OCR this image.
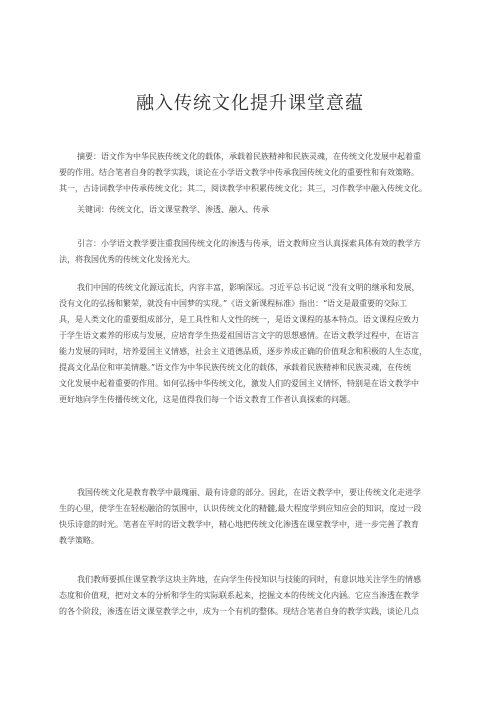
融入传统文化提升课堂意蕴
摘要：语文作为中华民族传统文化的载体，承载着民族精神和民族灵魂，在传统文化发展中起着重
要的作用。结合笔者自身的教学实践，谈论在小学语文教学中传承我国传统文化的重要性和有效策略。
其一，古诗词教学中传承传统文化；其二，阅读教学中积累传统文化；其三，习作教学中融入传统文化。
关键词：传统文化、语文课堂教学、渗透、融入、传承
引言：小学语文教学要注重我国传统文化的渗透与传承，语文教师应当认真探索具体有效的教学方
法，将我国优秀的传统文化发扬光大。
我们中国的传统文化源远流长，内容丰富，影响深远。习近平总书记说 “没有文明的继承和发展，
没有文化的弘扬和繁荣，就没有中国梦的实现。”《语文新课程标准》指出：“语文是最重要的交际工
具，是人类文化的重要组成部分，是工具性和人文性的统一，是语文课程的基本特点。语文课程应致力
于学生语文素养的形成与发展，应培育学生热爱祖国语言文字的思想感情。在语文教学过程中，在语言
能力发展的同时，培养爱国主义情感，社会主义道德品质，逐步养成正确的价值观念和积极的人生态度，
提高文化品位和审美情趣。”语文作为中华民族传统文化的载体，承载着民族精神和民族灵魂，在传统
文化发展中起着重要的作用。如何弘扬中华传统文化，激发人们的爱国主义情怀，特别是在语文教学中
更好地向学生传播传统文化，这是值得我们每一个语文教育工作者认真探索的问题。
我国传统文化是教育教学中最瑰丽、最有诗意的部分。因此，在语文教学中，要让传统文化走进学
生的心里，使学生在轻松融洽的氛围中，认识传统文化的精髓,最大程度学到应知应会的知识，度过一段
快乐诗意的时光。笔者在平时的语文教学中，精心地把传统文化渗透在课堂教学中，进一步完善了教育
教学策略。
我们教师要抓住课堂教学这块主阵地，在向学生传授知识与技能的同时，有意识地关注学生的情感
态度和价值观，把对文本的分析和学生的实际联系起来，挖掘文本的传统文化内涵。它应当渗透在教学
的各个阶段，渗透在语文课堂教学之中，成为一个有机的整体。现结合笔者自身的教学实践，谈论几点
